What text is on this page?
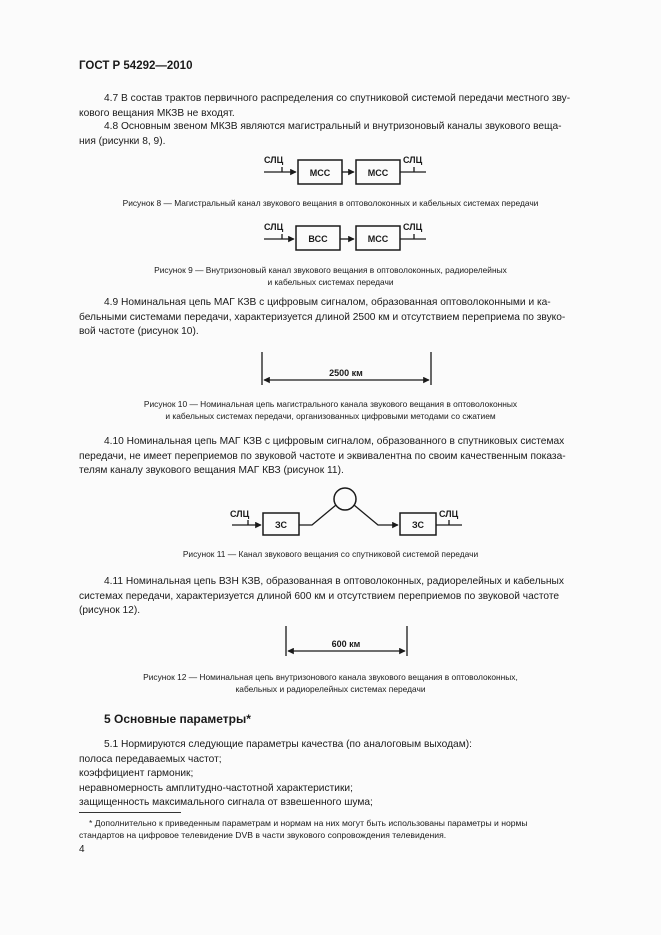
ГОСТ Р 54292—2010

4.7 В состав трактов первичного распределения со спутниковой системой передачи местного зву-

кового вещания МКЗВ не входят.

4.8 Основным звеном МКЗВ являются магистральный и внутризоновый каналы звукового веща-

ния (рисунки 8, 9).

СЛЦ
МСС	МСС
СЛЦ
СЛЦ
ВСС	МСС
СЛЦ
2500 км
СЛЦ
ЗС	ЗС
СЛЦ
600 км
Рисунок 8 — Магистральный канал звукового вещания в оптоволоконных и кабельных системах передачи
Рисунок 9 — Внутризоновый канал звукового вещания в оптоволоконных, радиорелейных
и кабельных системах передачи

4.9 Номинальная цепь МАГ КЗВ с цифровым сигналом, образованная оптоволоконными и ка-

бельными системами передачи, характеризуется длиной 2500 км и отсутствием переприема по звуко-

вой частоте (рисунок 10).

Рисунок 10 — Номинальная цепь магистрального канала звукового вещания в оптоволоконных
и кабельных системах передачи, организованных цифровыми методами со сжатием

4.10 Номинальная цепь МАГ КЗВ с цифровым сигналом, образованного в спутниковых системах

передачи, не имеет переприемов по звуковой частоте и эквивалентна по своим качественным показа-

телям каналу звукового вещания МАГ КВЗ (рисунок 11).

Рисунок 11 — Канал звукового вещания со спутниковой системой передачи

4.11 Номинальная цепь ВЗН КЗВ, образованная в оптоволоконных, радиорелейных и кабельных

системах передачи, характеризуется длиной 600 км и отсутствием переприемов по звуковой частоте

(рисунок 12).

Рисунок 12 — Номинальная цепь внутризонового канала звукового вещания в оптоволоконных,
кабельных и радиорелейных системах передачи
5 Основные параметры*
5.1 Нормируются следующие параметры качества (по аналоговым выходам):
полоса передаваемых частот;
коэффициент гармоник;
неравномерность амплитудно-частотной характеристики;
защищенность максимального сигнала от взвешенного шума;

* Дополнительно к приведенным параметрам и нормам на них могут быть использованы параметры и нормы

стандартов на цифровое телевидение DVB в части звукового сопровождения телевидения.

4
